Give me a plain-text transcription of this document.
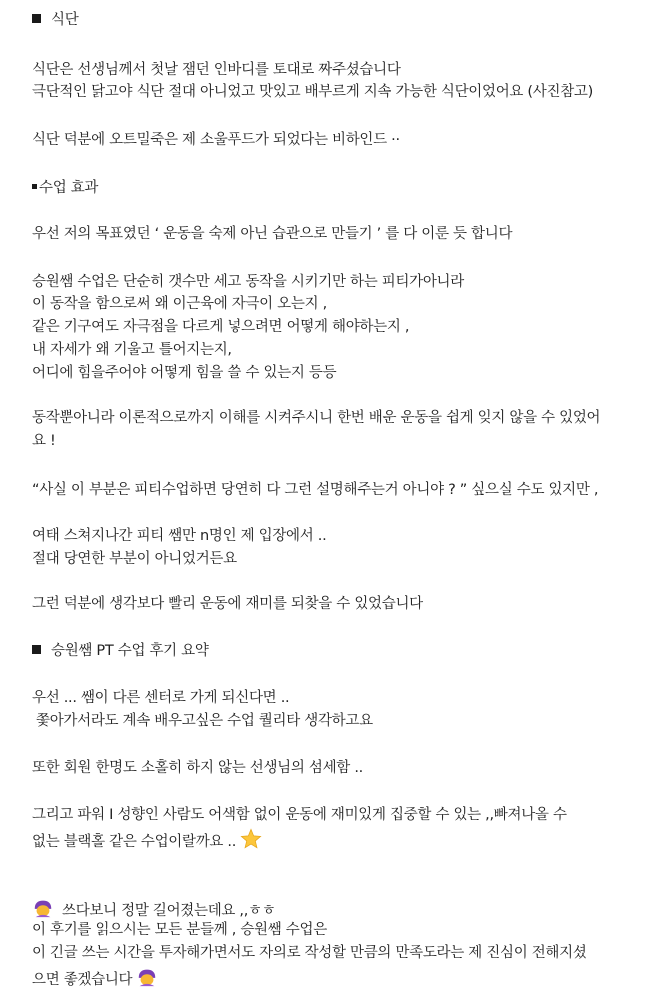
식단
식단은 선생님께서 첫날 잼던 인바디를 토대로 짜주셨습니다
극단적인 닭고야 식단 절대 아니었고 맛있고 배부르게 지속 가능한 식단이었어요 (사진참고)
식단 덕분에 오트밀죽은 제 소울푸드가 되었다는 비하인드 ··
수업 효과
우선 저의 목표였던 ‘ 운동을 숙제 아닌 습관으로 만들기 ’ 를 다 이룬 듯 합니다
승원쌤 수업은 단순히 갯수만 세고 동작을 시키기만 하는 피티가아니라
이 동작을 함으로써 왜 이근육에 자극이 오는지 ,
같은 기구여도 자극점을 다르게 넣으려면 어떻게 해야하는지 ,
내 자세가 왜 기울고 틀어지는지,
어디에 힘을주어야 어떻게 힘을 쓸 수 있는지 등등
동작뿐아니라 이론적으로까지 이해를 시켜주시니 한번 배운 운동을 쉽게 잊지 않을 수 있었어
요 !
“사실 이 부분은 피티수업하면 당연히 다 그런 설명해주는거 아니야 ? ” 싶으실 수도 있지만 ,
여태 스쳐지나간 피티 쌤만 n명인 제 입장에서 ..
절대 당연한 부분이 아니었거든요
그런 덕분에 생각보다 빨리 운동에 재미를 되찾을 수 있었습니다
승원쌤 PT 수업 후기 요약
우선 ... 쌤이 다른 센터로 가게 되신다면 ..
쫓아가서라도 계속 배우고싶은 수업 퀄리타 생각하고요
또한 회원 한명도 소홀히 하지 않는 선생님의 섬세함 ..
그리고 파워 I 성향인 사람도 어색함 없이 운동에 재미있게 집중할 수 있는 ,,빠져나올 수
없는 블랙홀 같은 수업이랄까요 ..
쓰다보니 정말 길어졌는데요 ,,ㅎㅎ
이 후기를 읽으시는 모든 분들께 , 승원쌤 수업은
이 긴글 쓰는 시간을 투자해가면서도 자의로 작성할 만큼의 만족도라는 제 진심이 전해지셨
으면 좋겠습니다
